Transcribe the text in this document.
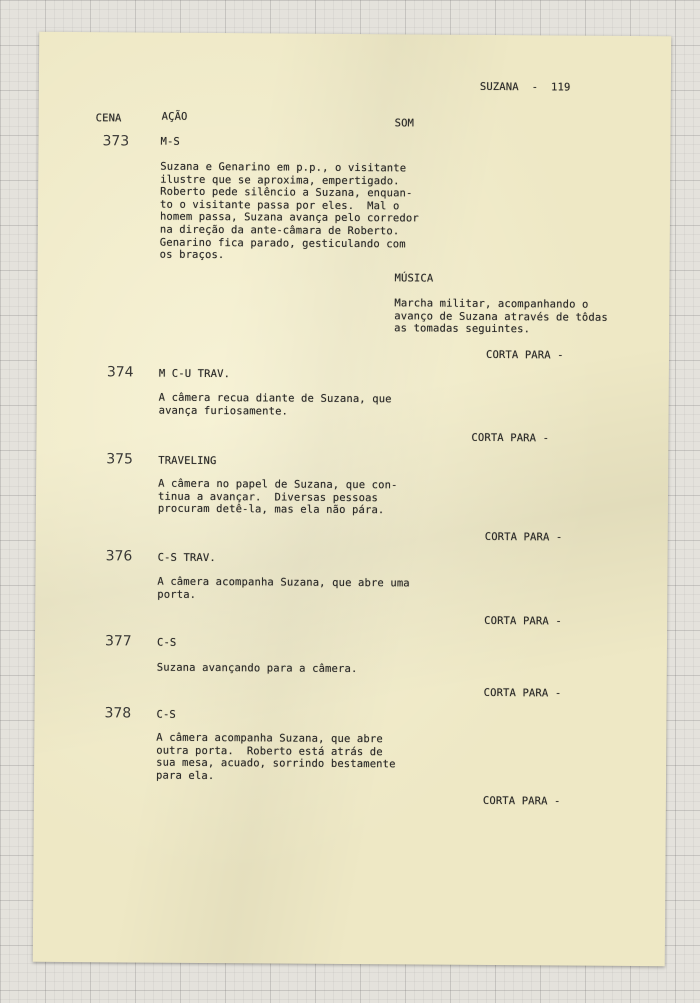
SUZANA  -  119

CENA	AÇÃO

SOM

373	M-S

Suzana e Genarino em p.p., o visitante
ilustre que se aproxima, empertigado.
Roberto pede silêncio a Suzana, enquan-
to o visitante passa por eles.  Mal o
homem passa, Suzana avança pelo corredor
na direção da ante-câmara de Roberto.
Genarino fica parado, gesticulando com
os braços.

MÚSICA

Marcha militar, acompanhando o
avanço de Suzana através de tôdas
as tomadas seguintes.

CORTA PARA -

374 M C-U TRAV.

A câmera recua diante de Suzana, que
avança furiosamente.

CORTA PARA -

375 TRAVELING

A câmera no papel de Suzana, que con-
tinua a avançar.  Diversas pessoas
procuram detê-la, mas ela não pára.

CORTA PARA -

376 C-S TRAV.

A câmera acompanha Suzana, que abre uma
porta.

CORTA PARA -

377 C-S

Suzana avançando para a câmera.

CORTA PARA -

378 C-S

A câmera acompanha Suzana, que abre
outra porta.  Roberto está atrás de
sua mesa, acuado, sorrindo bestamente
para ela.

CORTA PARA -
